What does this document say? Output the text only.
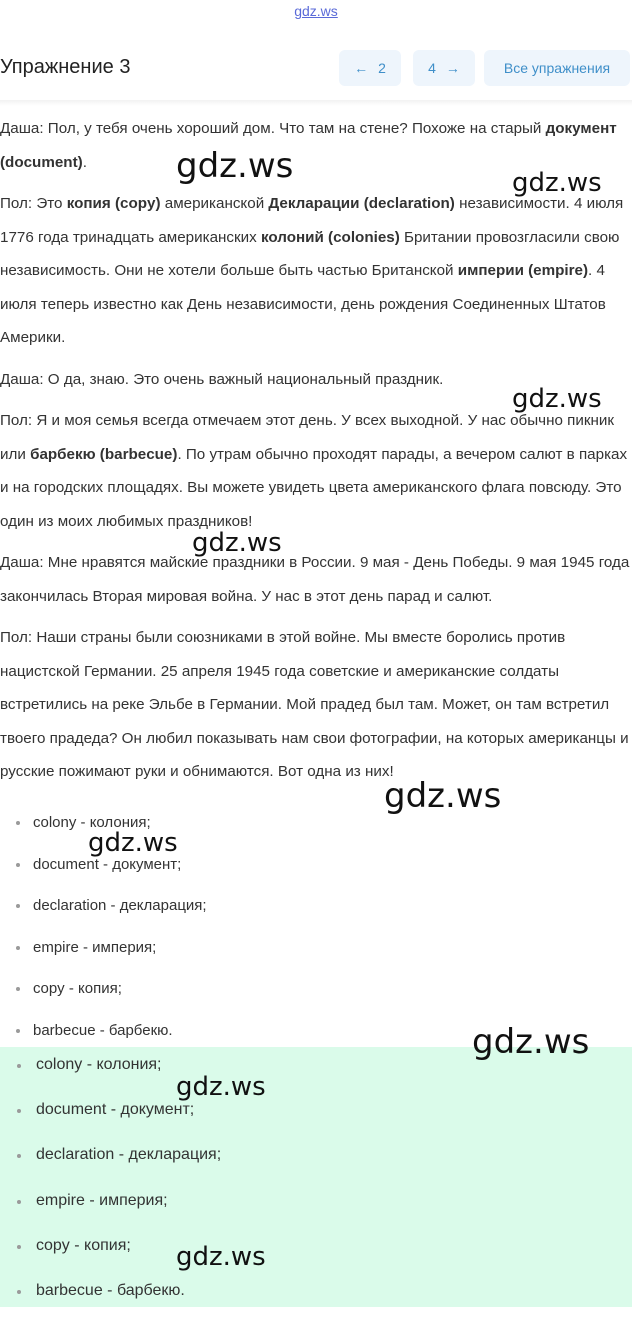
gdz.ws
Упражнение 3	← 2	4 →	Все упражнения

Даша: Пол, у тебя очень хороший дом. Что там на стене? Похоже на старый документ (document).

Пол: Это копия (copy) американской Декларации (declaration) независимости. 4 июля 1776 года тринадцать американских колоний (colonies) Британии провозгласили свою независимость. Они не хотели больше быть частью Британской империи (empire). 4 июля теперь известно как День независимости, день рождения Соединенных Штатов Америки.

Даша: О да, знаю. Это очень важный национальный праздник.

Пол: Я и моя семья всегда отмечаем этот день. У всех выходной. У нас обычно пикник или барбекю (barbecue). По утрам обычно проходят парады, а вечером салют в парках и на городских площадях. Вы можете увидеть цвета американского флага повсюду. Это один из моих любимых праздников!

Даша: Мне нравятся майские праздники в России. 9 мая - День Победы. 9 мая 1945 года закончилась Вторая мировая война. У нас в этот день парад и салют.

Пол: Наши страны были союзниками в этой войне. Мы вместе боролись против нацистской Германии. 25 апреля 1945 года советские и американские солдаты встретились на реке Эльбе в Германии. Мой прадед был там. Может, он там встретил твоего прадеда? Он любил показывать нам свои фотографии, на которых американцы и русские пожимают руки и обнимаются. Вот одна из них!

colony - колония;
document - документ;
declaration - декларация;
empire - империя;
copy - копия;
barbecue - барбекю.
colony - колония;
document - документ;
declaration - декларация;
empire - империя;
copy - копия;
barbecue - барбекю.
gdz.ws	gdz.ws
gdz.ws
gdz.ws
gdz.ws
gdz.ws
gdz.ws
gdz.ws
gdz.ws
